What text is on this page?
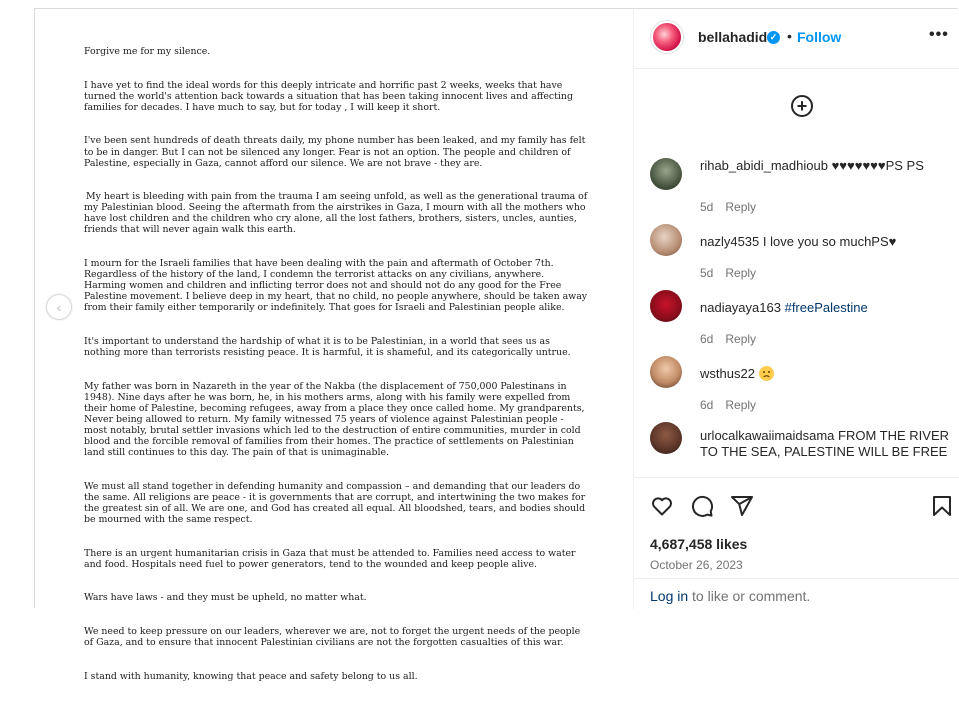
Forgive me for my silence.

I have yet to find the ideal words for this deeply intricate and horrific past 2 weeks, weeks that have turned the world's attention back towards a situation that has been taking innocent lives and affecting families for decades. I have much to say, but for today , I will keep it short.

I've been sent hundreds of death threats daily, my phone number has been leaked, and my family has felt to be in danger. But I can not be silenced any longer. Fear is not an option. The people and children of Palestine, especially in Gaza, cannot afford our silence. We are not brave - they are.

My heart is bleeding with pain from the trauma I am seeing unfold, as well as the generational trauma of my Palestinian blood. Seeing the aftermath from the airstrikes in Gaza, I mourn with all the mothers who have lost children and the children who cry alone, all the lost fathers, brothers, sisters, uncles, aunties, friends that will never again walk this earth.

I mourn for the Israeli families that have been dealing with the pain and aftermath of October 7th. Regardless of the history of the land, I condemn the terrorist attacks on any civilians, anywhere. Harming women and children and inflicting terror does not and should not do any good for the Free Palestine movement. I believe deep in my heart, that no child, no people anywhere, should be taken away from their family either temporarily or indefinitely. That goes for Israeli and Palestinian people alike.

It's important to understand the hardship of what it is to be Palestinian, in a world that sees us as nothing more than terrorists resisting peace. It is harmful, it is shameful, and its categorically untrue.

My father was born in Nazareth in the year of the Nakba (the displacement of 750,000 Palestinans in 1948). Nine days after he was born, he, in his mothers arms, along with his family were expelled from their home of Palestine, becoming refugees, away from a place they once called home. My grandparents, Never being allowed to return. My family witnessed 75 years of violence against Palestinian people - most notably, brutal settler invasions which led to the destruction of entire communities, murder in cold blood and the forcible removal of families from their homes. The practice of settlements on Palestinian land still continues to this day. The pain of that is unimaginable.

We must all stand together in defending humanity and compassion – and demanding that our leaders do the same. All religions are peace - it is governments that are corrupt, and intertwining the two makes for the greatest sin of all. We are one, and God has created all equal. All bloodshed, tears, and bodies should be mourned with the same respect.

There is an urgent humanitarian crisis in Gaza that must be attended to. Families need access to water and food. Hospitals need fuel to power generators, tend to the wounded and keep people alive.

Wars have laws - and they must be upheld, no matter what.

We need to keep pressure on our leaders, wherever we are, not to forget the urgent needs of the people of Gaza, and to ensure that innocent Palestinian civilians are not the forgotten casualties of this war.

I stand with humanity, knowing that peace and safety belong to us all.

‹
bellahadid ✓ • Follow	•••
+
rihab_abidi_madhioub ♥♥♥♥♥♥♥PS PS
5d Reply
nazly4535 I love you so muchPS♥
5d Reply
nadiayaya163 #freePalestine
6d Reply
wsthus22
6d Reply
urlocalkawaiimaidsama FROM THE RIVER TO THE SEA, PALESTINE WILL BE FREE
4,687,458 likes
October 26, 2023
Log in to like or comment.
